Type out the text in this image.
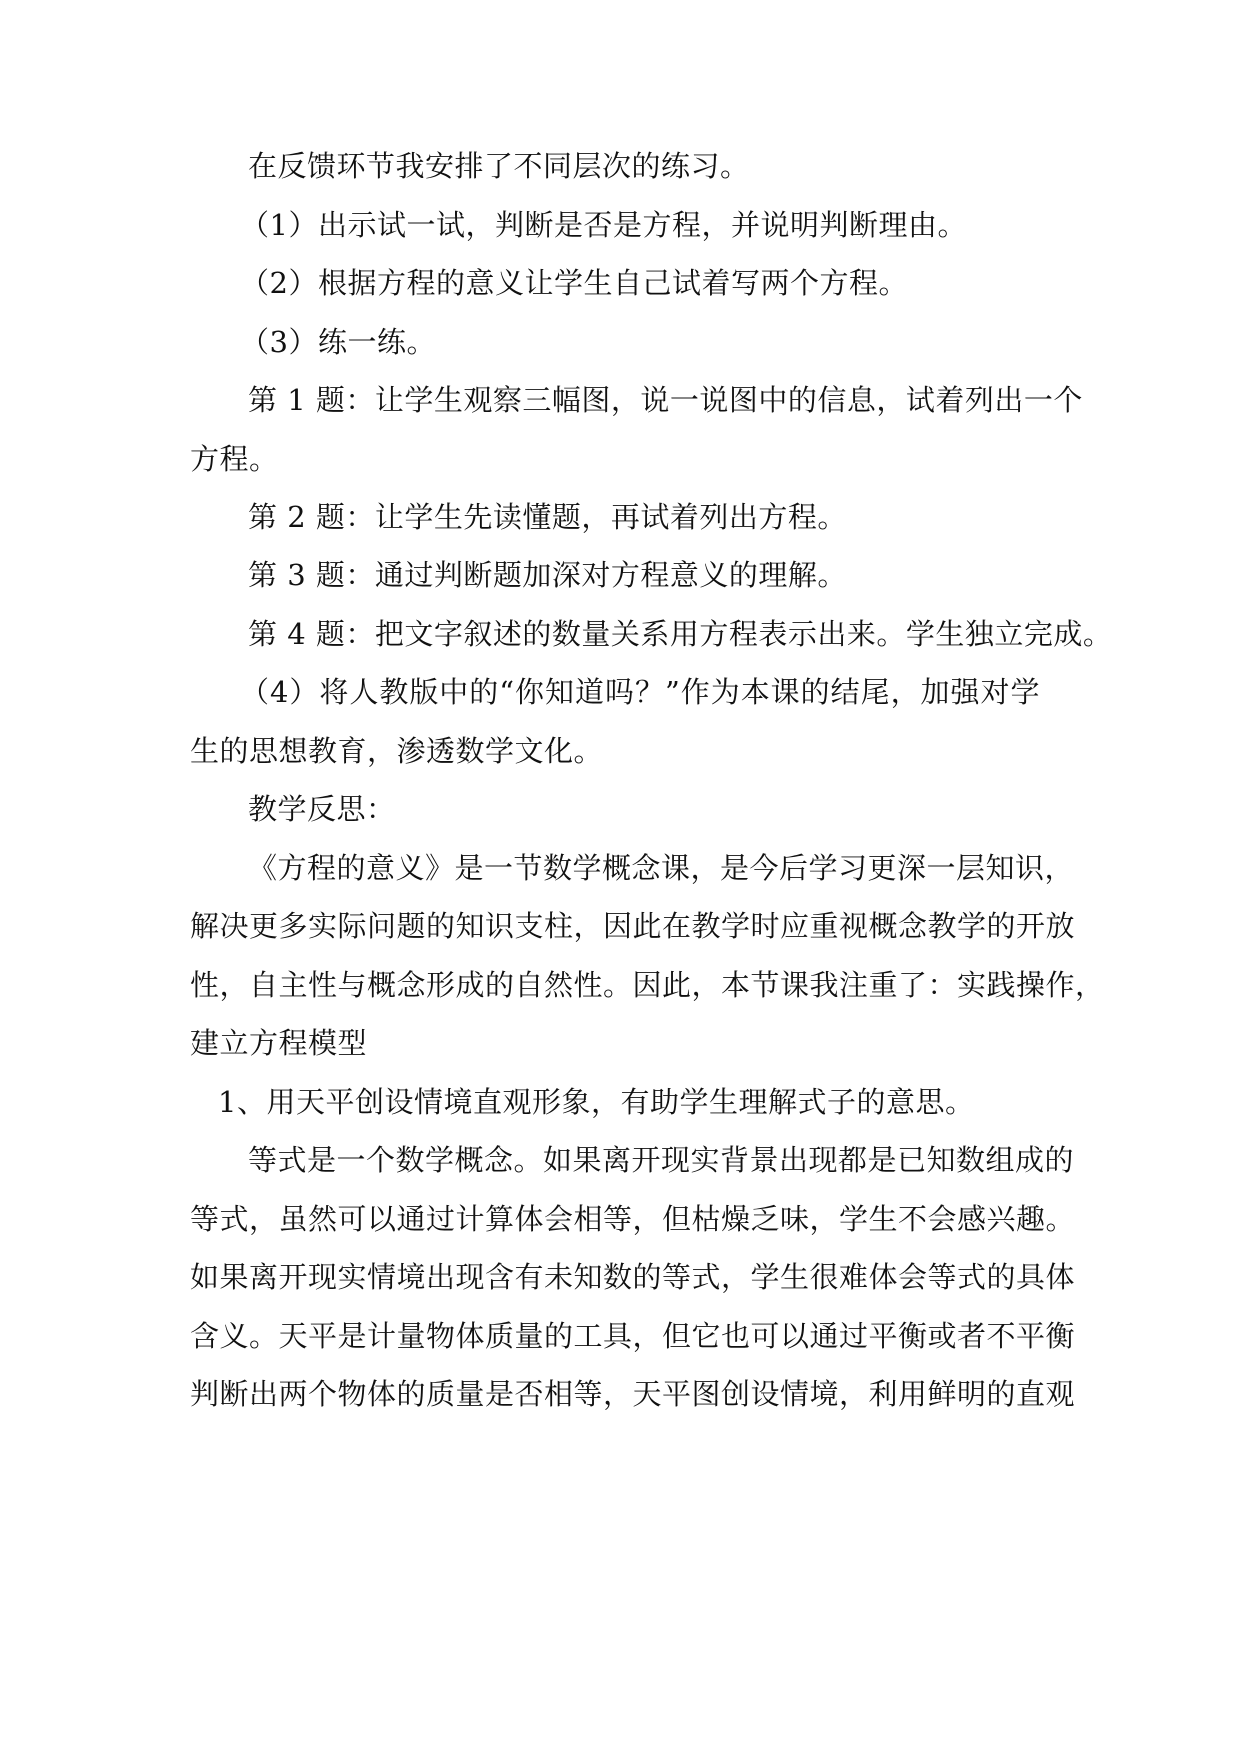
在反馈环节我安排了不同层次的练习。
（1）出示试一试，判断是否是方程，并说明判断理由。
（2）根据方程的意义让学生自己试着写两个方程。
（3）练一练。
第 1 题：让学生观察三幅图，说一说图中的信息，试着列出一个
方程。
第 2 题：让学生先读懂题，再试着列出方程。
第 3 题：通过判断题加深对方程意义的理解。
第 4 题：把文字叙述的数量关系用方程表示出来。学生独立完成。
（4）将人教版中的“你知道吗？”作为本课的结尾，加强对学
生的思想教育，渗透数学文化。
教学反思：
《方程的意义》是一节数学概念课，是今后学习更深一层知识，
解决更多实际问题的知识支柱，因此在教学时应重视概念教学的开放
性，自主性与概念形成的自然性。因此，本节课我注重了：实践操作，
建立方程模型
1、用天平创设情境直观形象，有助学生理解式子的意思。
等式是一个数学概念。如果离开现实背景出现都是已知数组成的
等式，虽然可以通过计算体会相等，但枯燥乏味，学生不会感兴趣。
如果离开现实情境出现含有未知数的等式，学生很难体会等式的具体
含义。天平是计量物体质量的工具，但它也可以通过平衡或者不平衡
判断出两个物体的质量是否相等，天平图创设情境，利用鲜明的直观
